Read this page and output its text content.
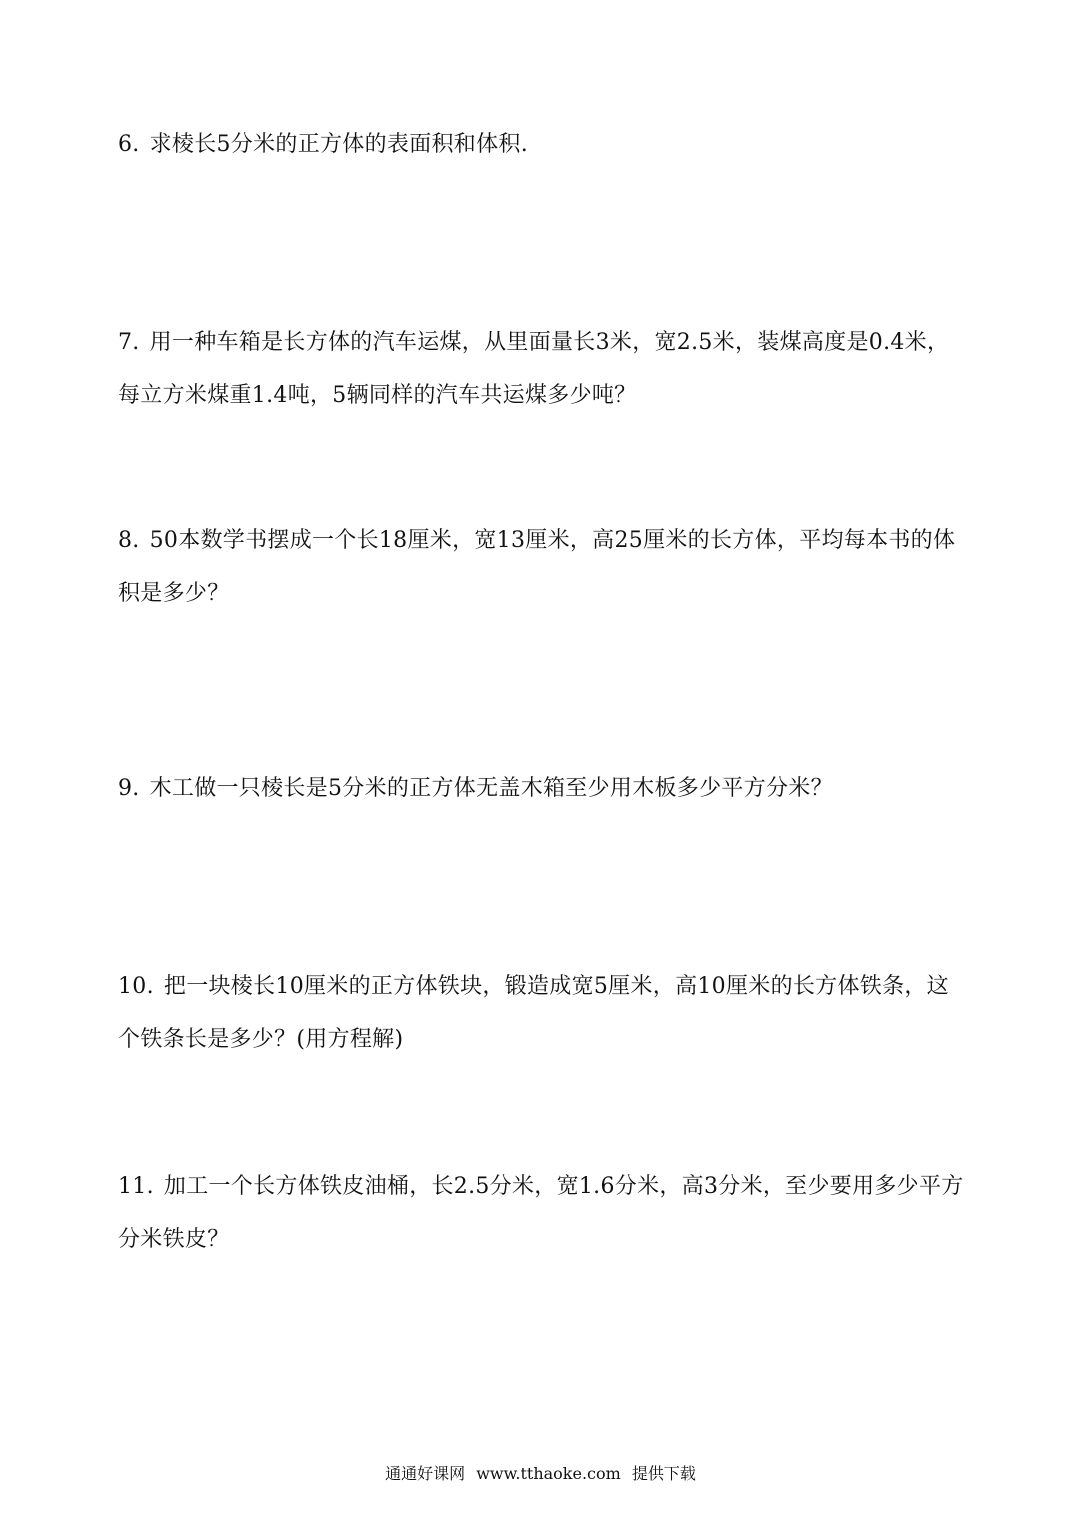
6. 求棱长5分米的正方体的表面积和体积.
7. 用一种车箱是长方体的汽车运煤，从里面量长3米，宽2.5米，装煤高度是0.4米，每立方米煤重1.4吨，5辆同样的汽车共运煤多少吨？
8. 50本数学书摆成一个长18厘米，宽13厘米，高25厘米的长方体，平均每本书的体积是多少？
9. 木工做一只棱长是5分米的正方体无盖木箱至少用木板多少平方分米？
10. 把一块棱长10厘米的正方体铁块，锻造成宽5厘米，高10厘米的长方体铁条，这个铁条长是多少？(用方程解)
11. 加工一个长方体铁皮油桶，长2.5分米，宽1.6分米，高3分米，至少要用多少平方分米铁皮？
通通好课网 www.tthaoke.com 提供下载
